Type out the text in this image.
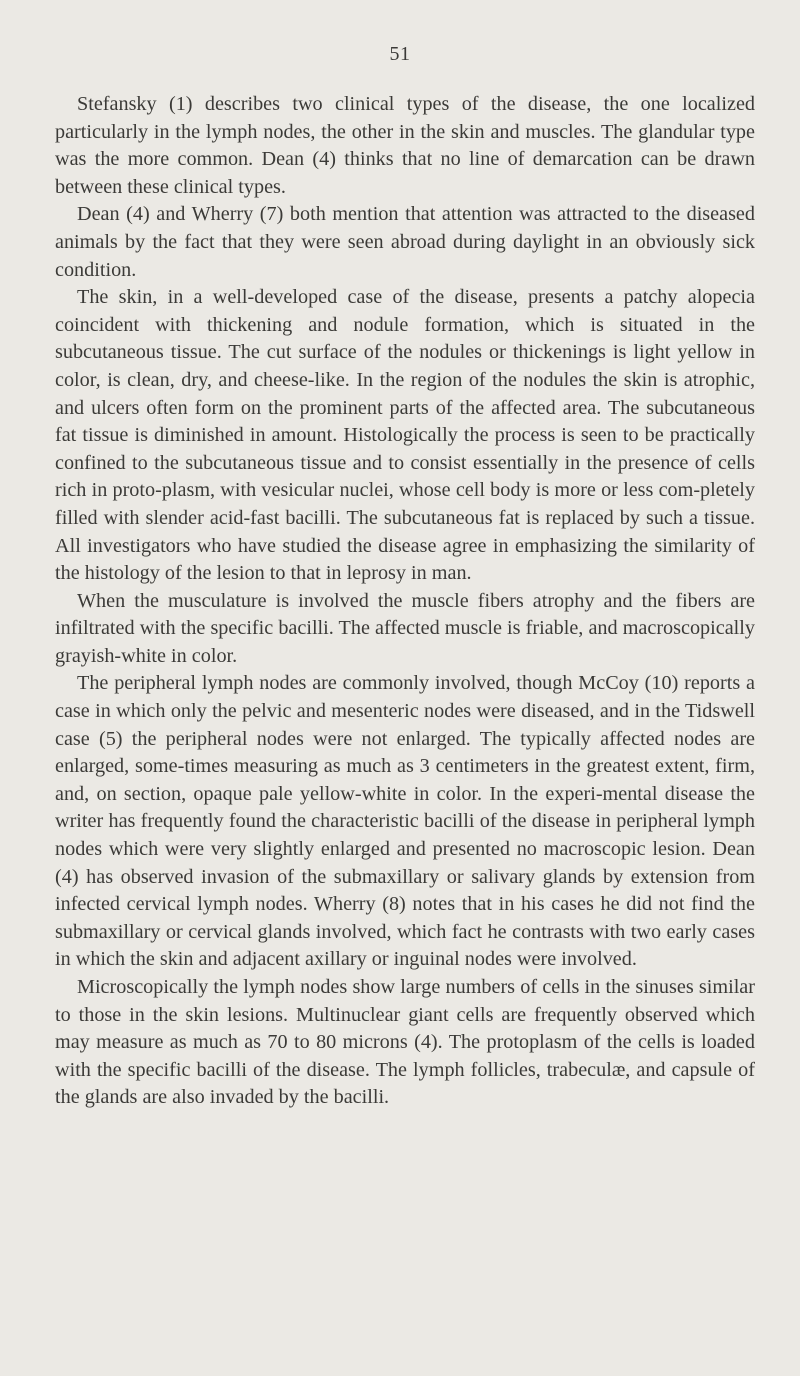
51

Stefansky (1) describes two clinical types of the disease, the one localized particularly in the lymph nodes, the other in the skin and muscles. The glandular type was the more common. Dean (4) thinks that no line of demarcation can be drawn between these clinical types.

Dean (4) and Wherry (7) both mention that attention was attracted to the diseased animals by the fact that they were seen abroad during daylight in an obviously sick condition.

The skin, in a well-developed case of the disease, presents a patchy alopecia coincident with thickening and nodule formation, which is situated in the subcutaneous tissue. The cut surface of the nodules or thickenings is light yellow in color, is clean, dry, and cheese-like. In the region of the nodules the skin is atrophic, and ulcers often form on the prominent parts of the affected area. The subcutaneous fat tissue is diminished in amount. Histologically the process is seen to be practically confined to the subcutaneous tissue and to consist essentially in the presence of cells rich in proto-plasm, with vesicular nuclei, whose cell body is more or less com-pletely filled with slender acid-fast bacilli. The subcutaneous fat is replaced by such a tissue. All investigators who have studied the disease agree in emphasizing the similarity of the histology of the lesion to that in leprosy in man.

When the musculature is involved the muscle fibers atrophy and the fibers are infiltrated with the specific bacilli. The affected muscle is friable, and macroscopically grayish-white in color.

The peripheral lymph nodes are commonly involved, though McCoy (10) reports a case in which only the pelvic and mesenteric nodes were diseased, and in the Tidswell case (5) the peripheral nodes were not enlarged. The typically affected nodes are enlarged, some-times measuring as much as 3 centimeters in the greatest extent, firm, and, on section, opaque pale yellow-white in color. In the experi-mental disease the writer has frequently found the characteristic bacilli of the disease in peripheral lymph nodes which were very slightly enlarged and presented no macroscopic lesion. Dean (4) has observed invasion of the submaxillary or salivary glands by extension from infected cervical lymph nodes. Wherry (8) notes that in his cases he did not find the submaxillary or cervical glands involved, which fact he contrasts with two early cases in which the skin and adjacent axillary or inguinal nodes were involved.

Microscopically the lymph nodes show large numbers of cells in the sinuses similar to those in the skin lesions. Multinuclear giant cells are frequently observed which may measure as much as 70 to 80 microns (4). The protoplasm of the cells is loaded with the specific bacilli of the disease. The lymph follicles, trabeculæ, and capsule of the glands are also invaded by the bacilli.
